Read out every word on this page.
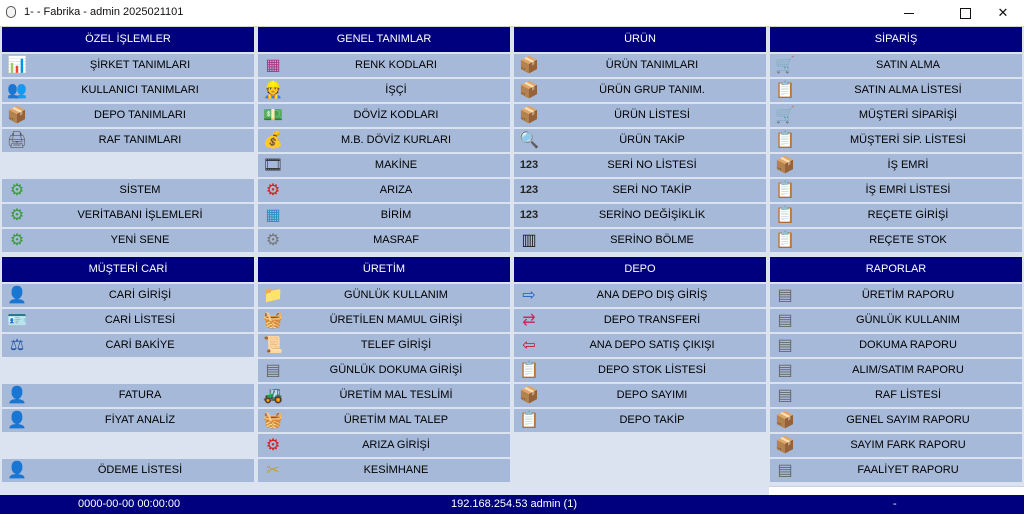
1- - Fabrika - admin 2025021101	✕
ÖZEL İŞLEMLER
📊	ŞİRKET TANIMLARI
👥	KULLANICI TANIMLARI
📦	DEPO TANIMLARI
🖨	RAF TANIMLARI
⚙	SİSTEM
⚙	VERİTABANI İŞLEMLERİ
⚙	YENİ SENE
GENEL TANIMLAR
▦	RENK KODLARI
👷	İŞÇİ
💵	DÖVİZ KODLARI
💰	M.B. DÖVİZ KURLARI
🎞	MAKİNE
⚙	ARIZA
▦	BİRİM
⚙	MASRAF
ÜRÜN
📦	ÜRÜN TANIMLARI
📦	ÜRÜN GRUP TANIM.
📦	ÜRÜN LİSTESİ
🔍	ÜRÜN TAKİP
123	SERİ NO LİSTESİ
123	SERİ NO TAKİP
123	SERİNO DEĞİŞİKLİK
▥	SERİNO BÖLME
SİPARİŞ
🛒	SATIN ALMA
📋	SATIN ALMA LİSTESİ
🛒	MÜŞTERİ SİPARİŞİ
📋	MÜŞTERİ SİP. LİSTESİ
📦	İŞ EMRİ
📋	İŞ EMRİ LİSTESİ
📋	REÇETE GİRİŞİ
📋	REÇETE STOK
MÜŞTERİ CARİ
👤	CARİ GİRİŞİ
🪪	CARİ LİSTESİ
⚖	CARİ BAKİYE
👤	FATURA
👤	FİYAT ANALİZ
👤	ÖDEME LİSTESİ
ÜRETİM
📁	GÜNLÜK KULLANIM
🧺	ÜRETİLEN MAMUL GİRİŞİ
📜	TELEF GİRİŞİ
▤	GÜNLÜK DOKUMA GİRİŞİ
🚜	ÜRETİM MAL TESLİMİ
🧺	ÜRETİM MAL TALEP
⚙	ARIZA GİRİŞİ
✂	KESİMHANE
DEPO
⇨	ANA DEPO DIŞ GİRİŞ
⇄	DEPO TRANSFERİ
⇦	ANA DEPO SATIŞ ÇIKIŞI
📋	DEPO STOK LİSTESİ
📦	DEPO SAYIMI
📋	DEPO TAKİP
RAPORLAR
▤	ÜRETİM RAPORU
▤	GÜNLÜK KULLANIM
▤	DOKUMA RAPORU
▤	ALIM/SATIM RAPORU
▤	RAF LİSTESİ
📦	GENEL SAYIM RAPORU
📦	SAYIM FARK RAPORU
▤	FAALİYET RAPORU
0000-00-00 00:00:00	192.168.254.53 admin (1)	-
